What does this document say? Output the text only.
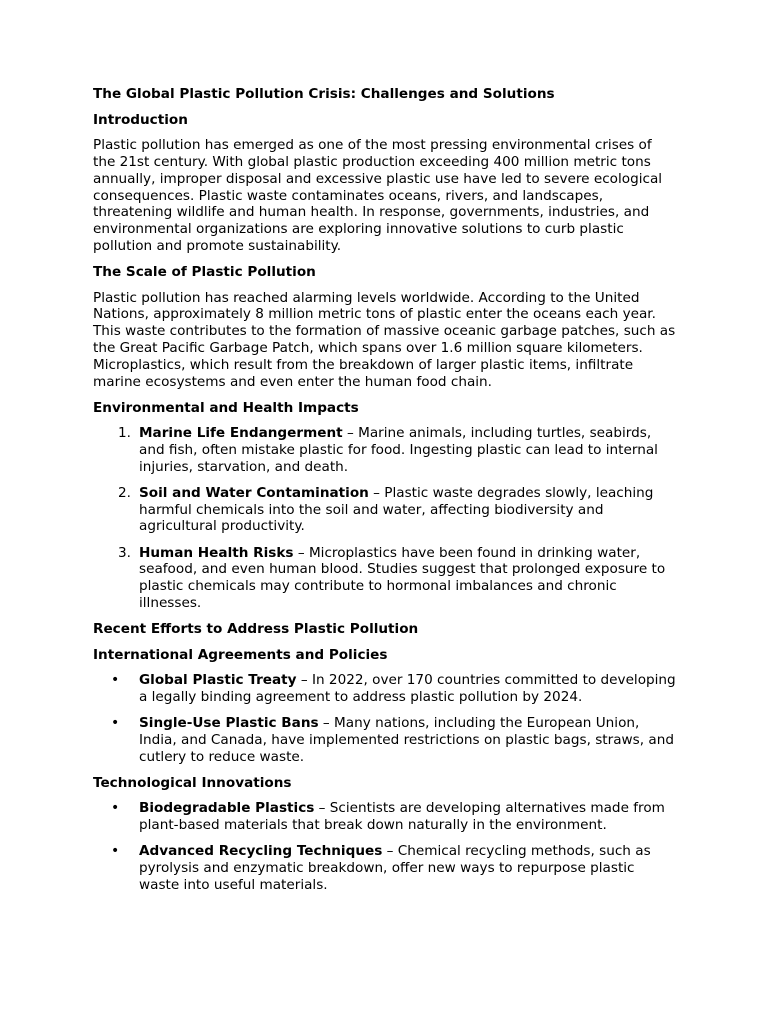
The Global Plastic Pollution Crisis: Challenges and Solutions
Introduction

Plastic pollution has emerged as one of the most pressing environmental crises of the 21st century. With global plastic production exceeding 400 million metric tons annually, improper disposal and excessive plastic use have led to severe ecological consequences. Plastic waste contaminates oceans, rivers, and landscapes, threatening wildlife and human health. In response, governments, industries, and environmental organizations are exploring innovative solutions to curb plastic pollution and promote sustainability.

The Scale of Plastic Pollution

Plastic pollution has reached alarming levels worldwide. According to the United Nations, approximately 8 million metric tons of plastic enter the oceans each year. This waste contributes to the formation of massive oceanic garbage patches, such as the Great Pacific Garbage Patch, which spans over 1.6 million square kilometers. Microplastics, which result from the breakdown of larger plastic items, infiltrate marine ecosystems and even enter the human food chain.

Environmental and Health Impacts
1. Marine Life Endangerment – Marine animals, including turtles, seabirds, and fish, often mistake plastic for food. Ingesting plastic can lead to internal injuries, starvation, and death.
2. Soil and Water Contamination – Plastic waste degrades slowly, leaching harmful chemicals into the soil and water, affecting biodiversity and agricultural productivity.
3. Human Health Risks – Microplastics have been found in drinking water, seafood, and even human blood. Studies suggest that prolonged exposure to plastic chemicals may contribute to hormonal imbalances and chronic illnesses.
Recent Efforts to Address Plastic Pollution
International Agreements and Policies
• Global Plastic Treaty – In 2022, over 170 countries committed to developing a legally binding agreement to address plastic pollution by 2024.
• Single-Use Plastic Bans – Many nations, including the European Union, India, and Canada, have implemented restrictions on plastic bags, straws, and cutlery to reduce waste.
Technological Innovations
• Biodegradable Plastics – Scientists are developing alternatives made from plant-based materials that break down naturally in the environment.
• Advanced Recycling Techniques – Chemical recycling methods, such as pyrolysis and enzymatic breakdown, offer new ways to repurpose plastic waste into useful materials.
